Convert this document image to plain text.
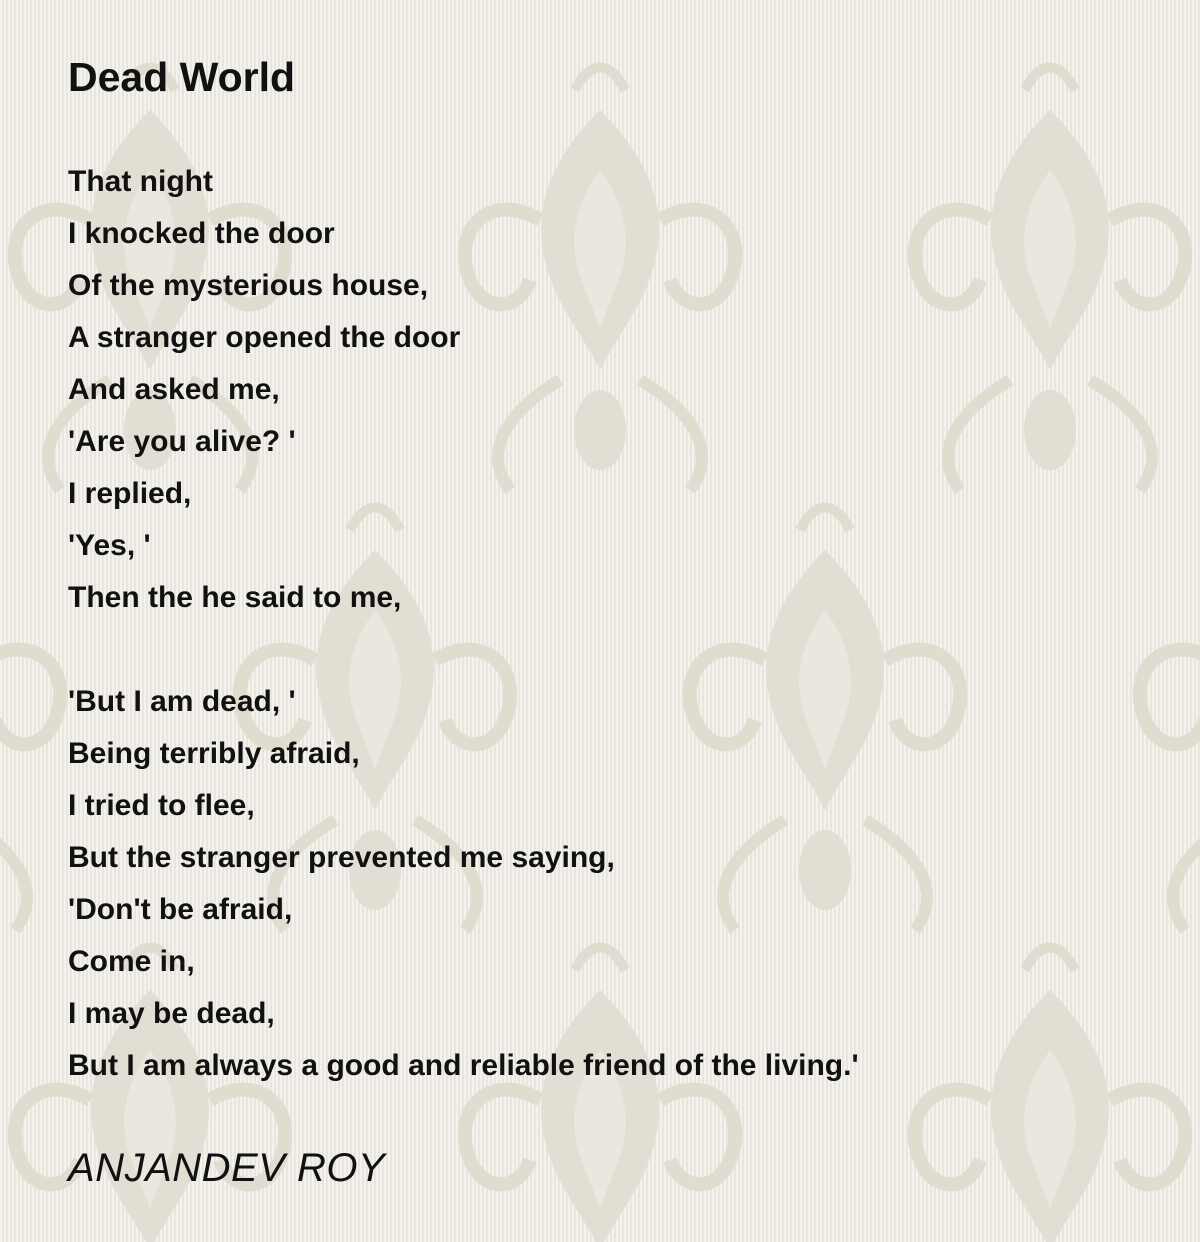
Dead World
That night
I knocked the door
Of the mysterious house,
A stranger opened the door
And asked me,
'Are you alive? '
I replied,
'Yes, '
Then the he said to me,
'But I am dead, '
Being terribly afraid,
I tried to flee,
But the stranger prevented me saying,
'Don't be afraid,
Come in,
I may be dead,
But I am always a good and reliable friend of the living.'
ANJANDEV ROY
